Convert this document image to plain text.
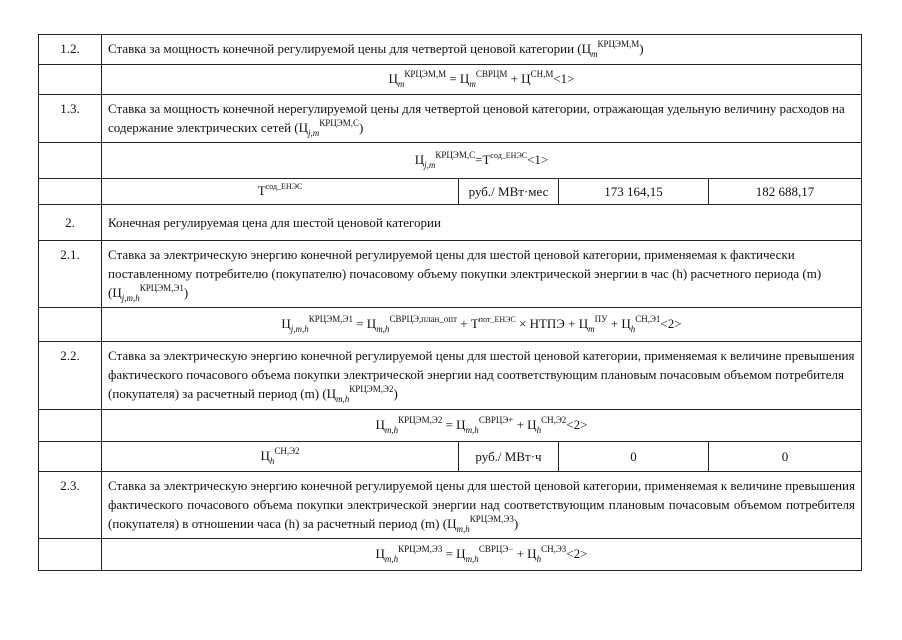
1.2.	Ставка за мощность конечной регулируемой цены для четвертой ценовой категории $(Ц_m^{КРЦЭМ,М})$			
	$Ц_m^{КРЦЭМ,М} = Ц_m^{СВРЦМ} + Ц^{СН,М}<1>$			
1.3.	Ставка за мощность конечной нерегулируемой цены для четвертой ценовой категории, отражающая удельную величину расходов на содержание электрических сетей $(Ц_{j,m}^{КРЦЭМ,С})$			
	$Ц_{j,m}^{КРЦЭМ,С}=T^{сод\_ЕНЭС}<1>$			
	$T^{сод\_ЕНЭС}$	руб./ МВт·мес	173 164,15	182 688,17
2.	Конечная регулируемая цена для шестой ценовой категории			
2.1.	Ставка за электрическую энергию конечной регулируемой цены для шестой ценовой категории, применяемая к фактически поставленному потребителю (покупателю) почасовому объему покупки электрической энергии в час (h) расчетного периода (m) $(Ц_{j,m,h}^{КРЦЭМ,Э1})$			
	$Ц_{j,m,h}^{КРЦЭМ,Э1} = Ц_{m,h}^{СВРЦЭ,план\_опт} + T^{пот\_ЕНЭС}$ × НТПЭ + $Ц_m^{ПУ} + Ц_h^{СН,Э1}<2>$			
2.2.	Ставка за электрическую энергию конечной регулируемой цены для шестой ценовой категории, применяемая к величине превышения фактического почасового объема покупки электрической энергии над соответствующим плановым почасовым объемом потребителя (покупателя) за расчетный период (m) $(Ц_{m,h}^{КРЦЭМ,Э2})$			
	$Ц_{m,h}^{КРЦЭМ,Э2} = Ц_{m,h}^{СВРЦЭ+} + Ц_h^{СН,Э2}<2>$			
	$Ц_h^{СН,Э2}$	руб./ МВт·ч	0	0
2.3.	Ставка за электрическую энергию конечной регулируемой цены для шестой ценовой категории, применяемая к величине превышения фактического почасового объема покупки электрической энергии над соответствующим плановым почасовым объемом потребителя (покупателя) в отношении часа (h) за расчетный период (m) $(Ц_{m,h}^{КРЦЭМ,Э3})$			
	$Ц_{m,h}^{КРЦЭМ,Э3} = Ц_{m,h}^{СВРЦЭ-} + Ц_h^{СН,Э3}<2>$			
